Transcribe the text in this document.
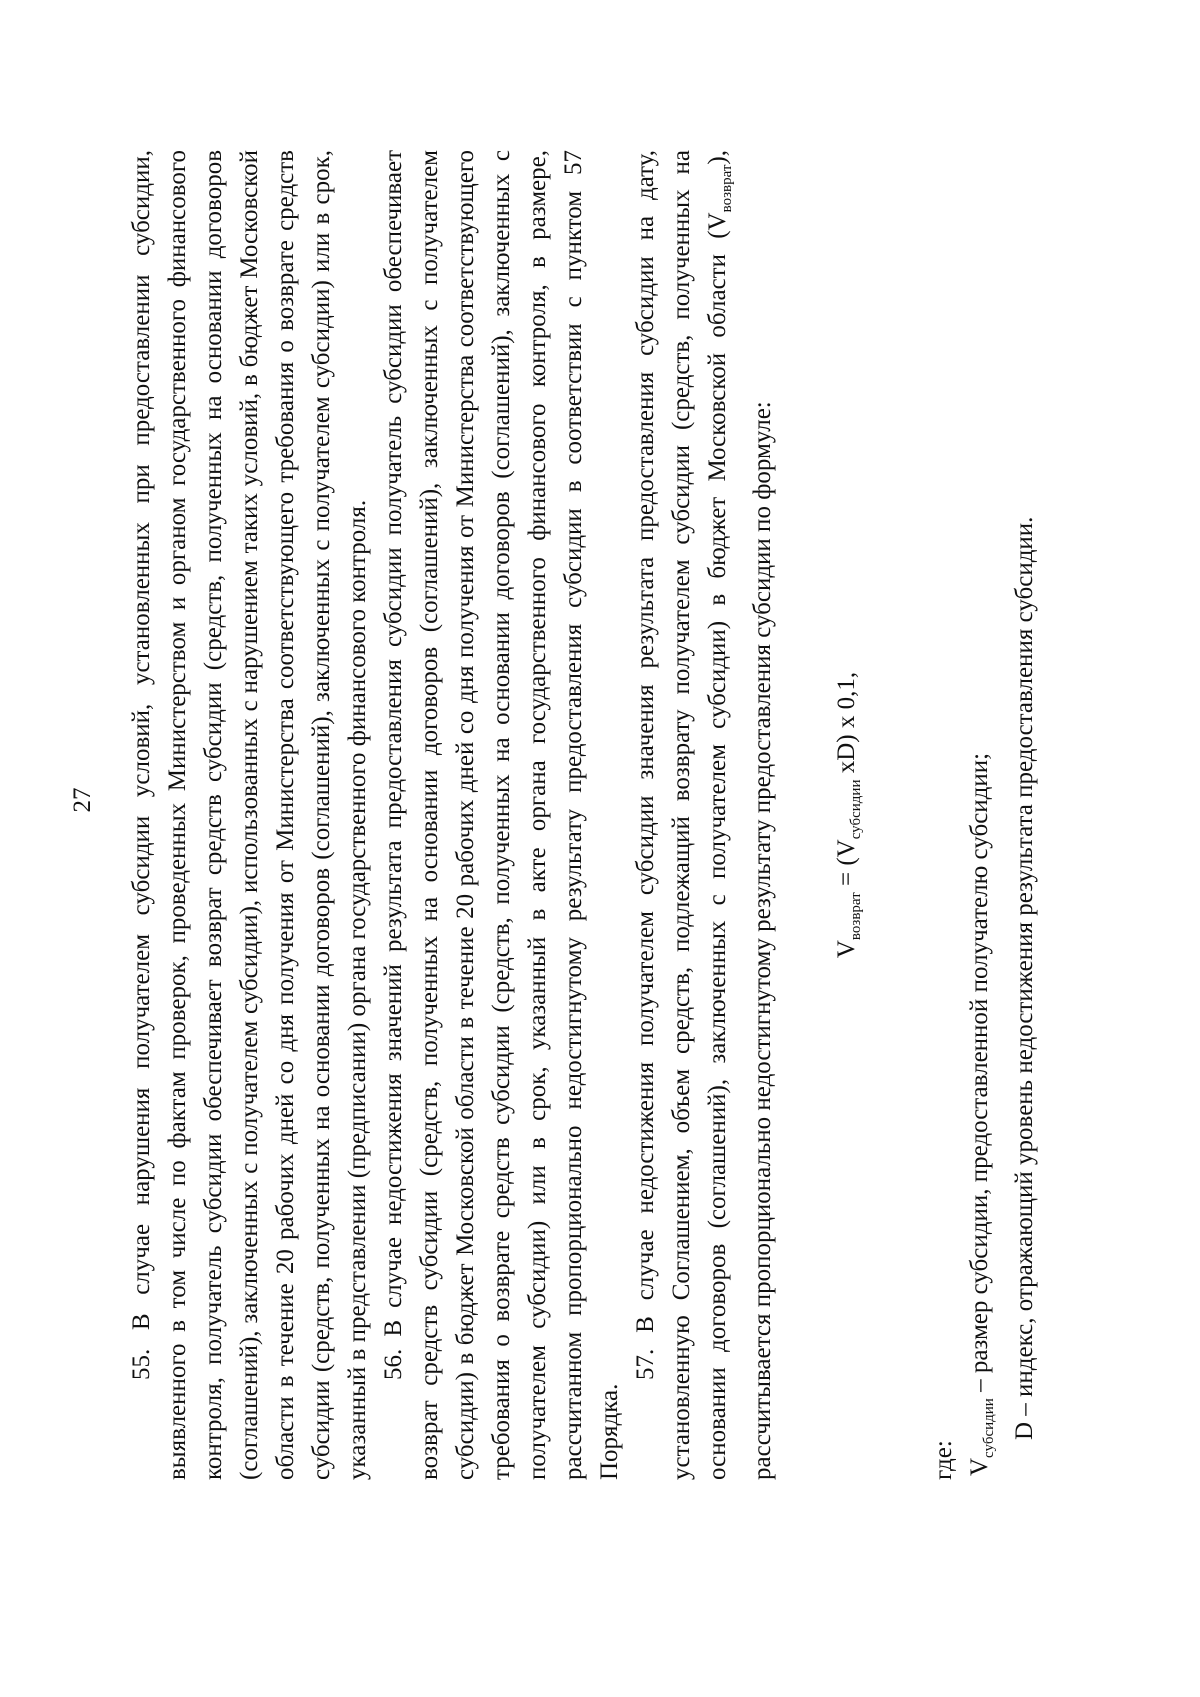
27 55. В случае нарушения получателем субсидии условий, установленных при предоставлении субсидии, выявленного в том числе по фактам проверок, проведенных Министерством и органом государственного финансового контроля, получатель субсидии обеспечивает возврат средств субсидии (средств, полученных на основании договоров (соглашений), заключенных с получателем субсидии), использованных с нарушением таких условий, в бюджет Московской области в течение 20 рабочих дней со дня получения от Министерства соответствующего требования о возврате средств субсидии (средств, полученных на основании договоров (соглашений), заключенных с получателем субсидии) или в срок, указанный в представлении (предписании) органа государственного финансового контроля. 56. В случае недостижения значений результата предоставления субсидии получатель субсидии обеспечивает возврат средств субсидии (средств, полученных на основании договоров (соглашений), заключенных с получателем субсидии) в бюджет Московской области в течение 20 рабочих дней со дня получения от Министерства соответствующего требования о возврате средств субсидии (средств, полученных на основании договоров (соглашений), заключенных с получателем субсидии) или в срок, указанный в акте органа государственного финансового контроля, в размере, рассчитанном пропорционально недостигнутому результату предоставления субсидии в соответствии с пунктом 57 Порядка.

57. В случае недостижения получателем субсидии значения результата предоставления субсидии на дату, установленную Соглашением, объем средств, подлежащий возврату получателем субсидии (средств, полученных на основании договоров (соглашений), заключенных с получателем субсидии) в бюджет Московской области $(V_{возврат})$, рассчитывается пропорционально недостигнутому результату предоставления субсидии по формуле: $V_{возврат} = (V_{субсидии}$ xD) x 0,1,

где: $V_{субсидии}$ – размер субсидии, предоставленной получателю субсидии; D – индекс, отражающий уровень недостижения результата предоставления субсидии.
